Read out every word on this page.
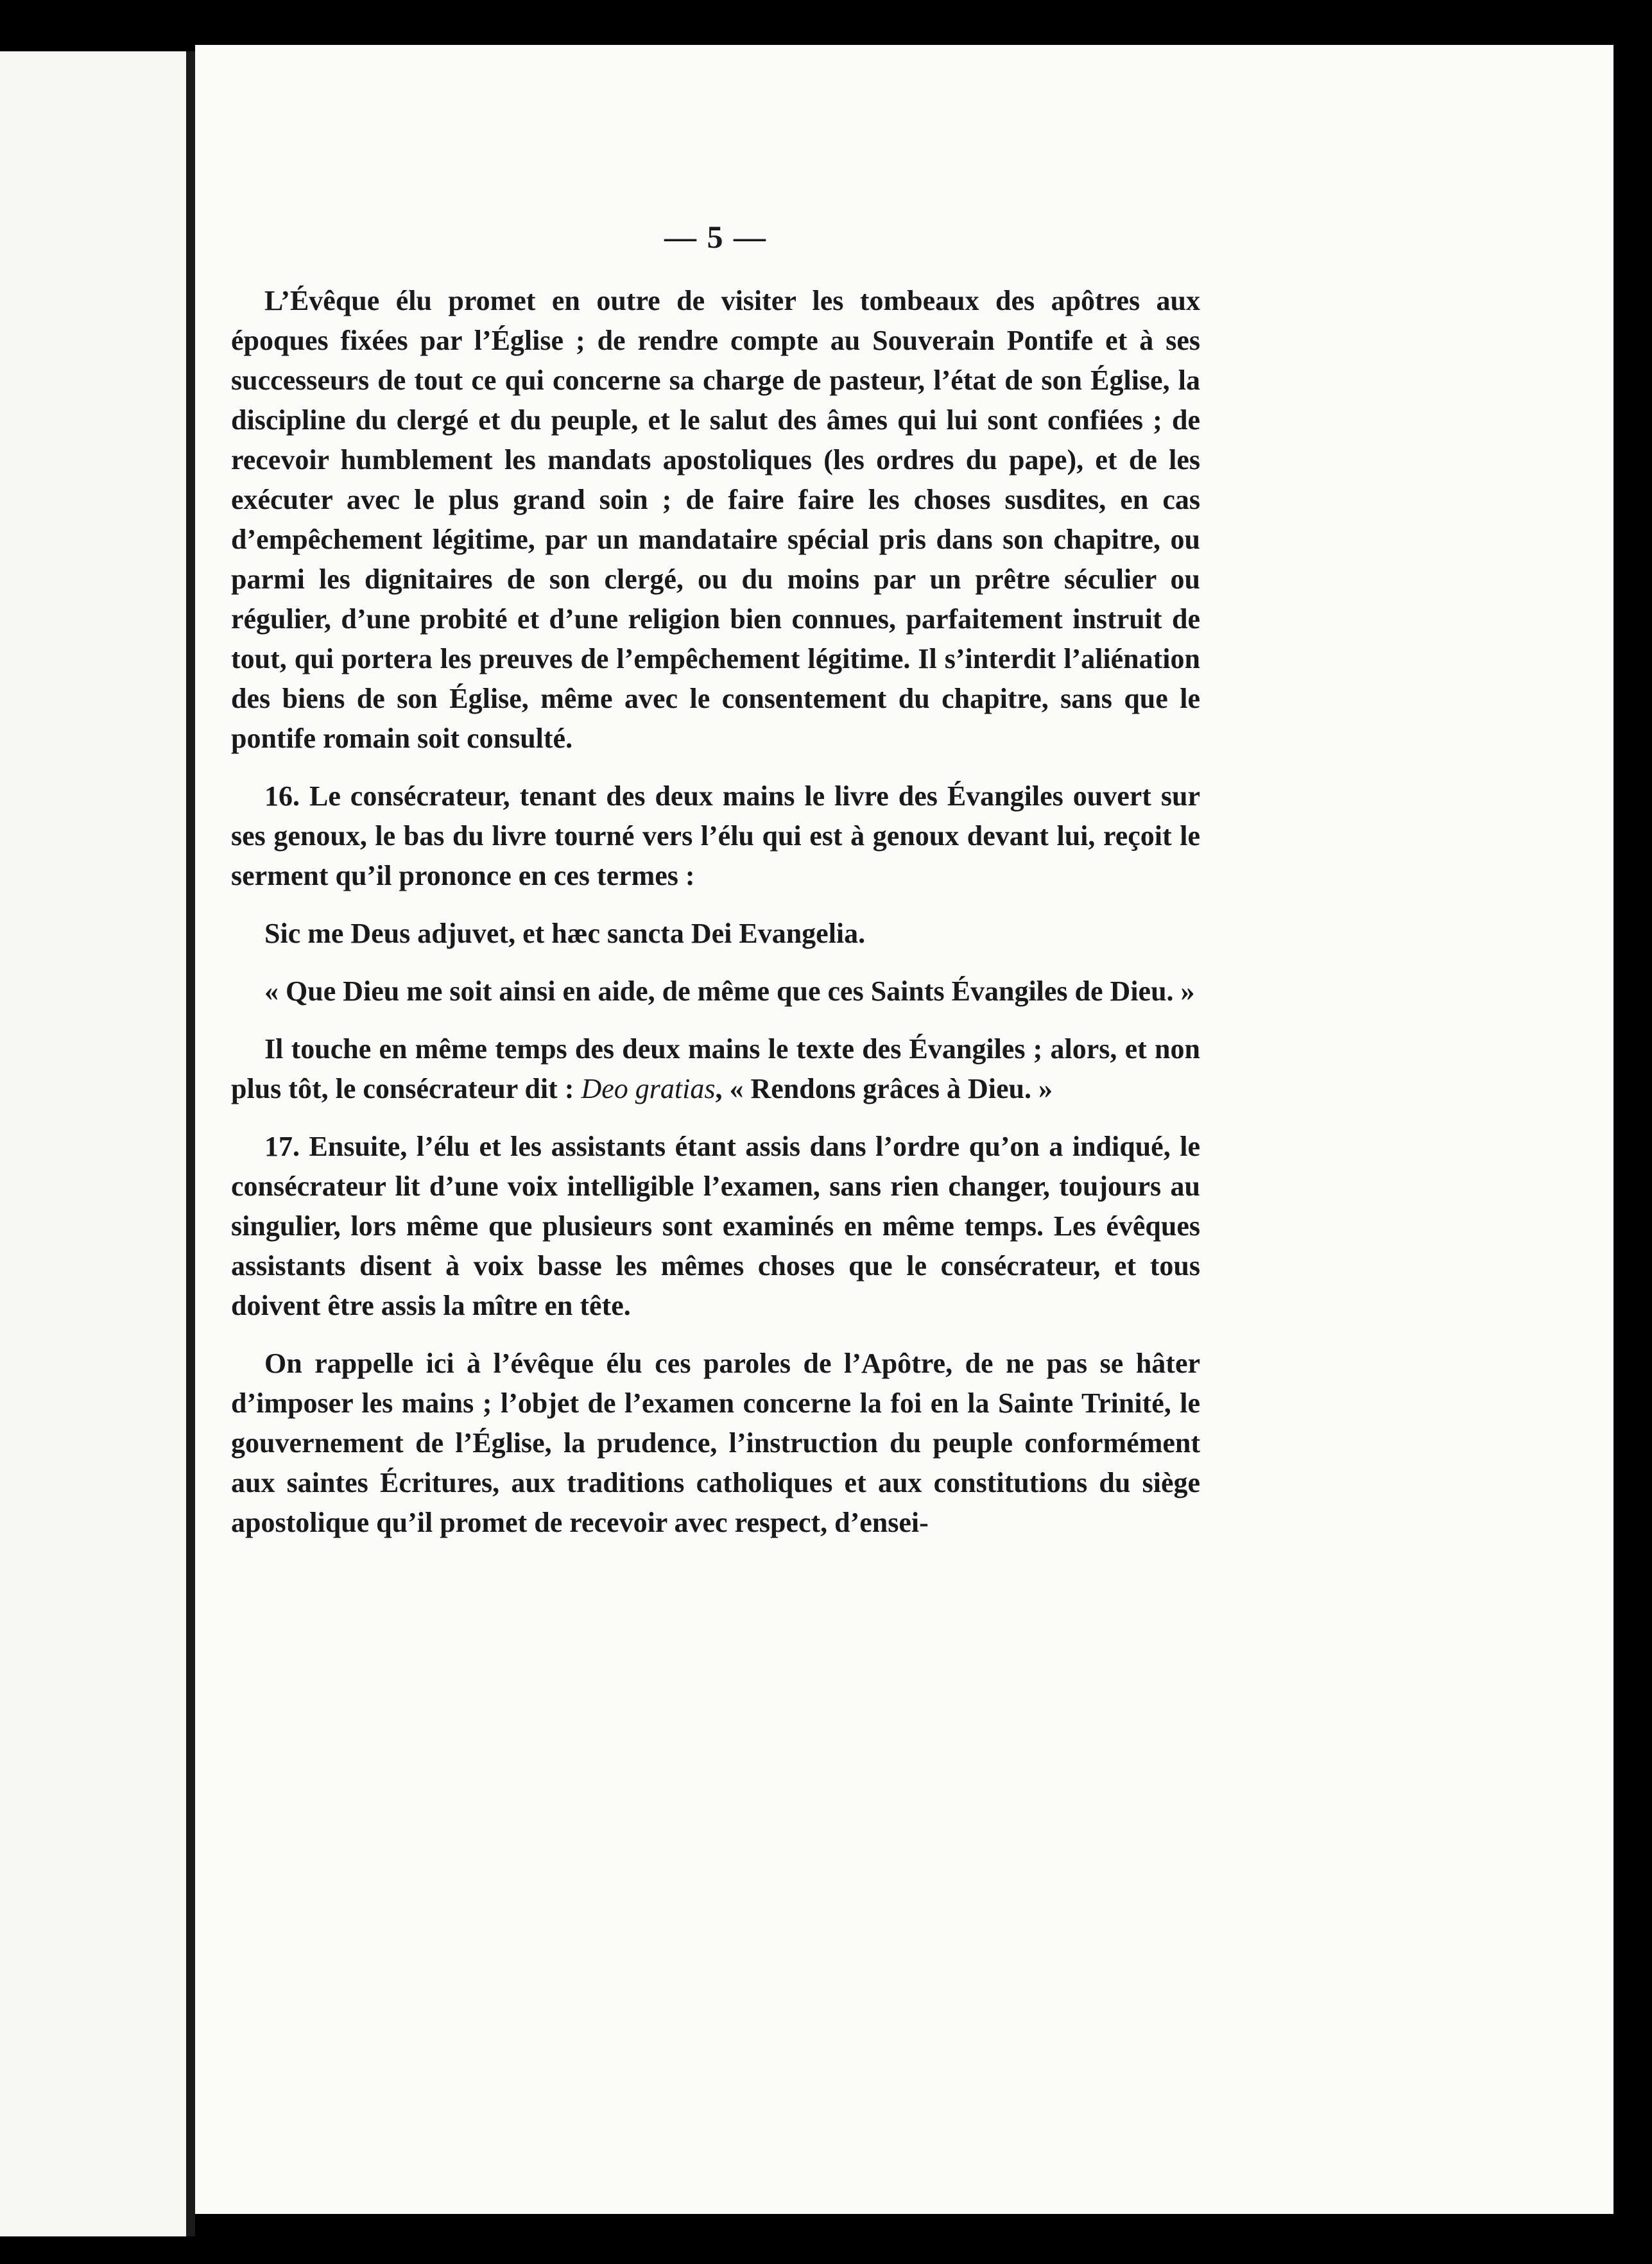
— 5 —

L’Évêque élu promet en outre de visiter les tombeaux des apôtres aux époques fixées par l’Église ; de rendre compte au Souverain Pontife et à ses successeurs de tout ce qui concerne sa charge de pasteur, l’état de son Église, la discipline du clergé et du peuple, et le salut des âmes qui lui sont confiées ; de recevoir humblement les mandats apostoliques (les ordres du pape), et de les exécuter avec le plus grand soin ; de faire faire les choses susdites, en cas d’empêchement légitime, par un mandataire spécial pris dans son chapitre, ou parmi les dignitaires de son clergé, ou du moins par un prêtre séculier ou régulier, d’une probité et d’une religion bien connues, parfaitement instruit de tout, qui portera les preuves de l’empêchement légitime. Il s’interdit l’aliénation des biens de son Église, même avec le consentement du chapitre, sans que le pontife romain soit consulté.

16. Le consécrateur, tenant des deux mains le livre des Évangiles ouvert sur ses genoux, le bas du livre tourné vers l’élu qui est à genoux devant lui, reçoit le serment qu’il prononce en ces termes :

Sic me Deus adjuvet, et hæc sancta Dei Evangelia.

« Que Dieu me soit ainsi en aide, de même que ces Saints Évangiles de Dieu. »

Il touche en même temps des deux mains le texte des Évangiles ; alors, et non plus tôt, le consécrateur dit : Deo gratias, « Rendons grâces à Dieu. »

17. Ensuite, l’élu et les assistants étant assis dans l’ordre qu’on a indiqué, le consécrateur lit d’une voix intelligible l’examen, sans rien changer, toujours au singulier, lors même que plusieurs sont examinés en même temps. Les évêques assistants disent à voix basse les mêmes choses que le consécrateur, et tous doivent être assis la mître en tête.

On rappelle ici à l’évêque élu ces paroles de l’Apôtre, de ne pas se hâter d’imposer les mains ; l’objet de l’examen concerne la foi en la Sainte Trinité, le gouvernement de l’Église, la prudence, l’instruction du peuple conformément aux saintes Écritures, aux traditions catholiques et aux constitutions du siège apostolique qu’il promet de recevoir avec respect, d’ensei-
